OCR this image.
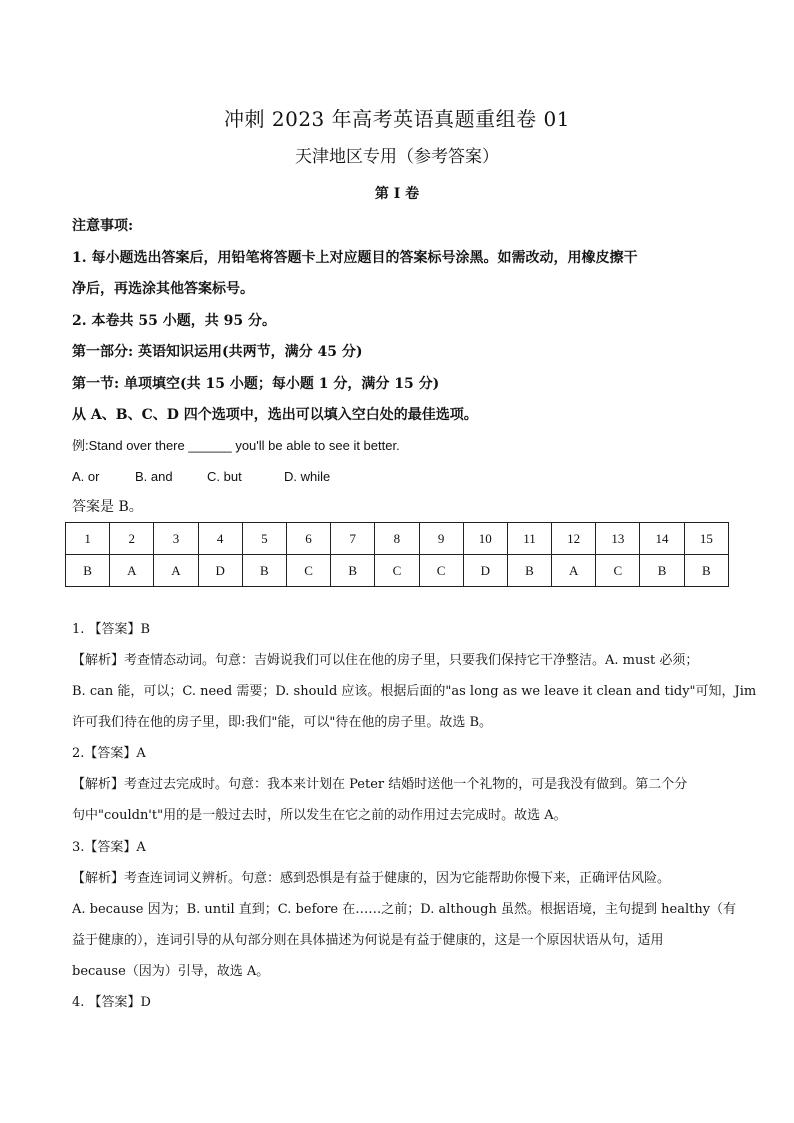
冲刺 2023 年高考英语真题重组卷 01
天津地区专用（参考答案）
第 I 卷
注意事项:
1. 每小题选出答案后，用铅笔将答题卡上对应题目的答案标号涂黑。如需改动，用橡皮擦干
净后，再选涂其他答案标号。
2. 本卷共 55 小题，共 95 分。
第一部分: 英语知识运用(共两节，满分 45 分)
第一节: 单项填空(共 15 小题；每小题 1 分，满分 15 分)
从 A、B、C、D 四个选项中，选出可以填入空白处的最佳选项。
例:Stand over there ______ you'll be able to see it better.
A. or	B. and	C. but	D. while
答案是 B。
1	2	3	4	5	6	7	8	9	10	11	12	13	14	15
B	A	A	D	B	C	B	C	C	D	B	A	C	B	B
1. 【答案】B
【解析】考查情态动词。句意：吉姆说我们可以住在他的房子里，只要我们保持它干净整洁。A. must 必须；
B. can 能，可以；C. need 需要；D. should 应该。根据后面的"as long as we leave it clean and tidy"可知，Jim
许可我们待在他的房子里，即:我们"能，可以"待在他的房子里。故选 B。
2.【答案】A
【解析】考查过去完成时。句意：我本来计划在 Peter 结婚时送他一个礼物的，可是我没有做到。第二个分
句中"couldn't"用的是一般过去时，所以发生在它之前的动作用过去完成时。故选 A。
3.【答案】A
【解析】考查连词词义辨析。句意：感到恐惧是有益于健康的，因为它能帮助你慢下来，正确评估风险。
A. because 因为；B. until 直到；C. before 在……之前；D. although 虽然。根据语境，主句提到 healthy（有
益于健康的），连词引导的从句部分则在具体描述为何说是有益于健康的，这是一个原因状语从句，适用
because（因为）引导，故选 A。
4. 【答案】D
